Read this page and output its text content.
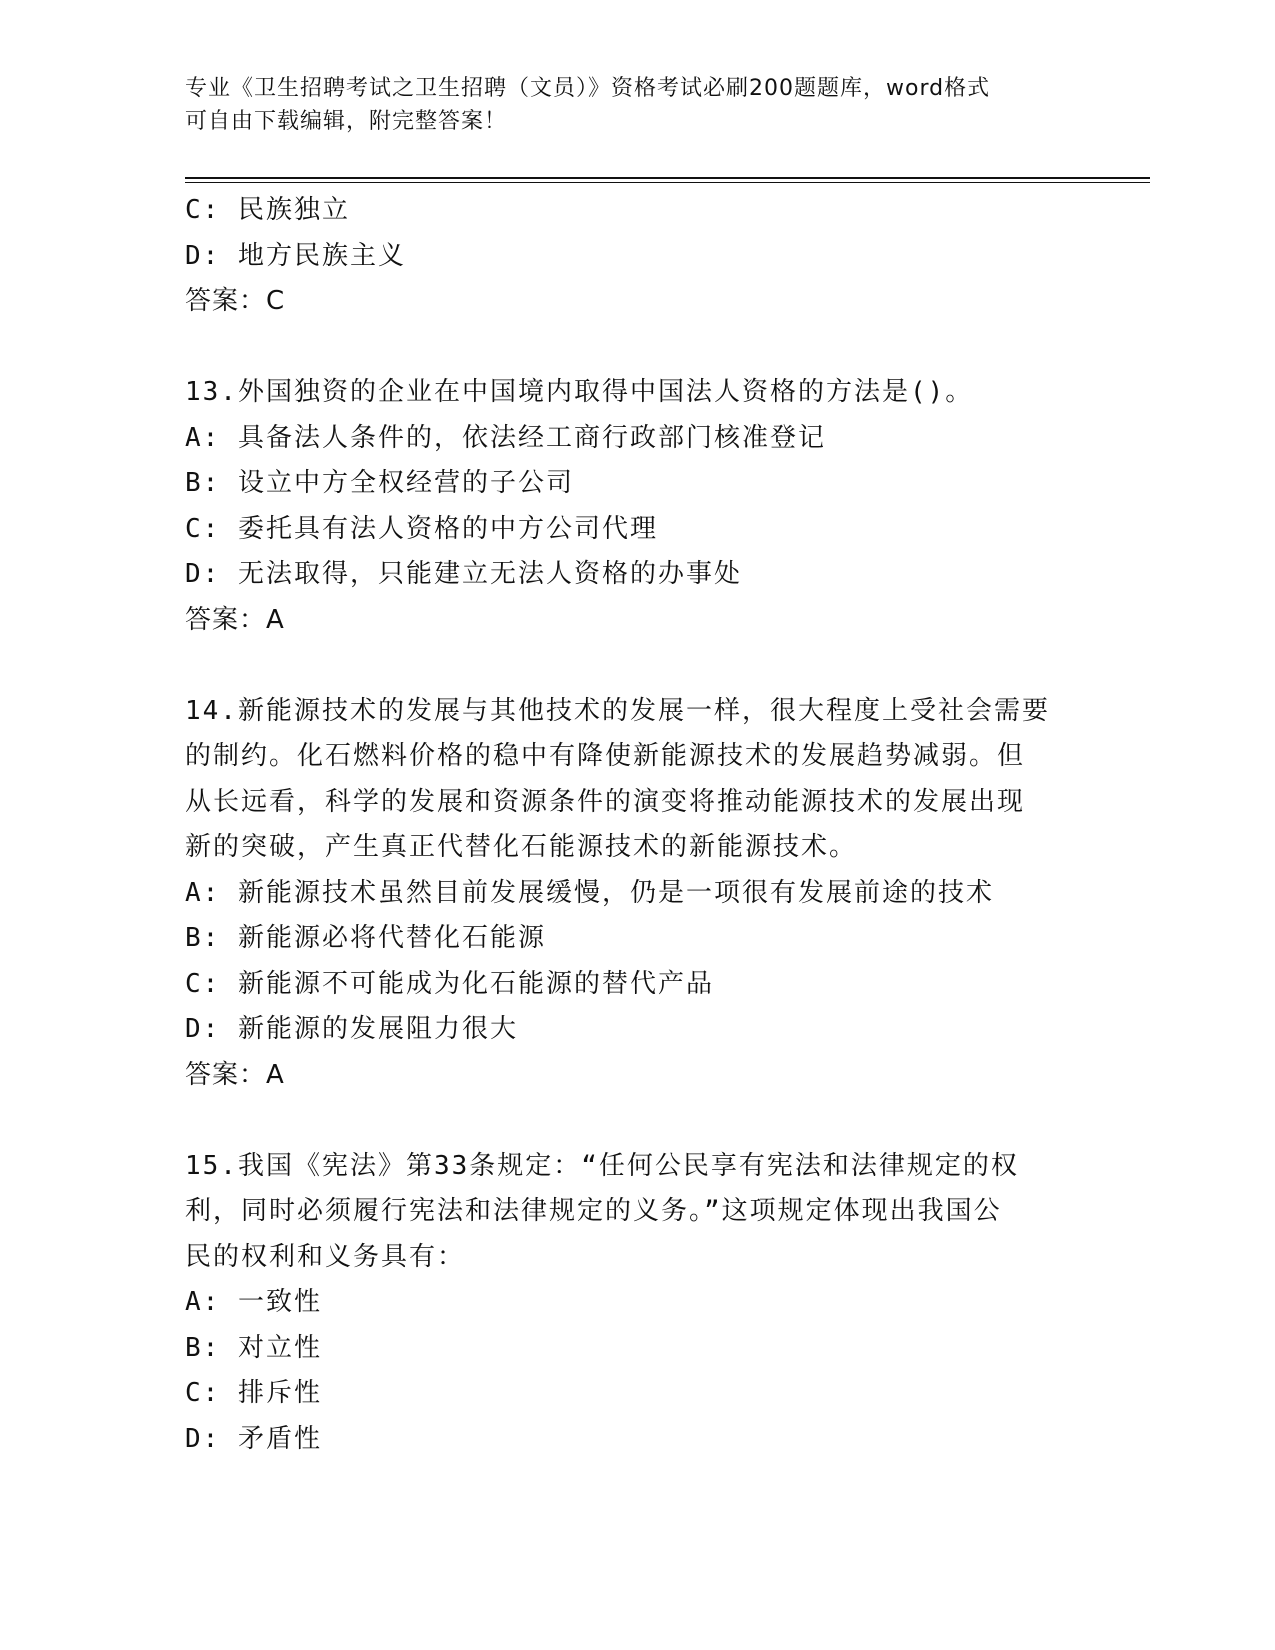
专业《卫生招聘考试之卫生招聘（文员）》资格考试必刷200题题库，word格式
可自由下载编辑，附完整答案！
C: 民族独立
D: 地方民族主义
答案：C
13.外国独资的企业在中国境内取得中国法人资格的方法是()。
A: 具备法人条件的，依法经工商行政部门核准登记
B: 设立中方全权经营的子公司
C: 委托具有法人资格的中方公司代理
D: 无法取得，只能建立无法人资格的办事处
答案：A
14.新能源技术的发展与其他技术的发展一样，很大程度上受社会需要
的制约。化石燃料价格的稳中有降使新能源技术的发展趋势减弱。但
从长远看，科学的发展和资源条件的演变将推动能源技术的发展出现
新的突破，产生真正代替化石能源技术的新能源技术。
A: 新能源技术虽然目前发展缓慢，仍是一项很有发展前途的技术
B: 新能源必将代替化石能源
C: 新能源不可能成为化石能源的替代产品
D: 新能源的发展阻力很大
答案：A
15.我国《宪法》第33条规定：“任何公民享有宪法和法律规定的权
利，同时必须履行宪法和法律规定的义务。”这项规定体现出我国公
民的权利和义务具有：
A: 一致性
B: 对立性
C: 排斥性
D: 矛盾性
